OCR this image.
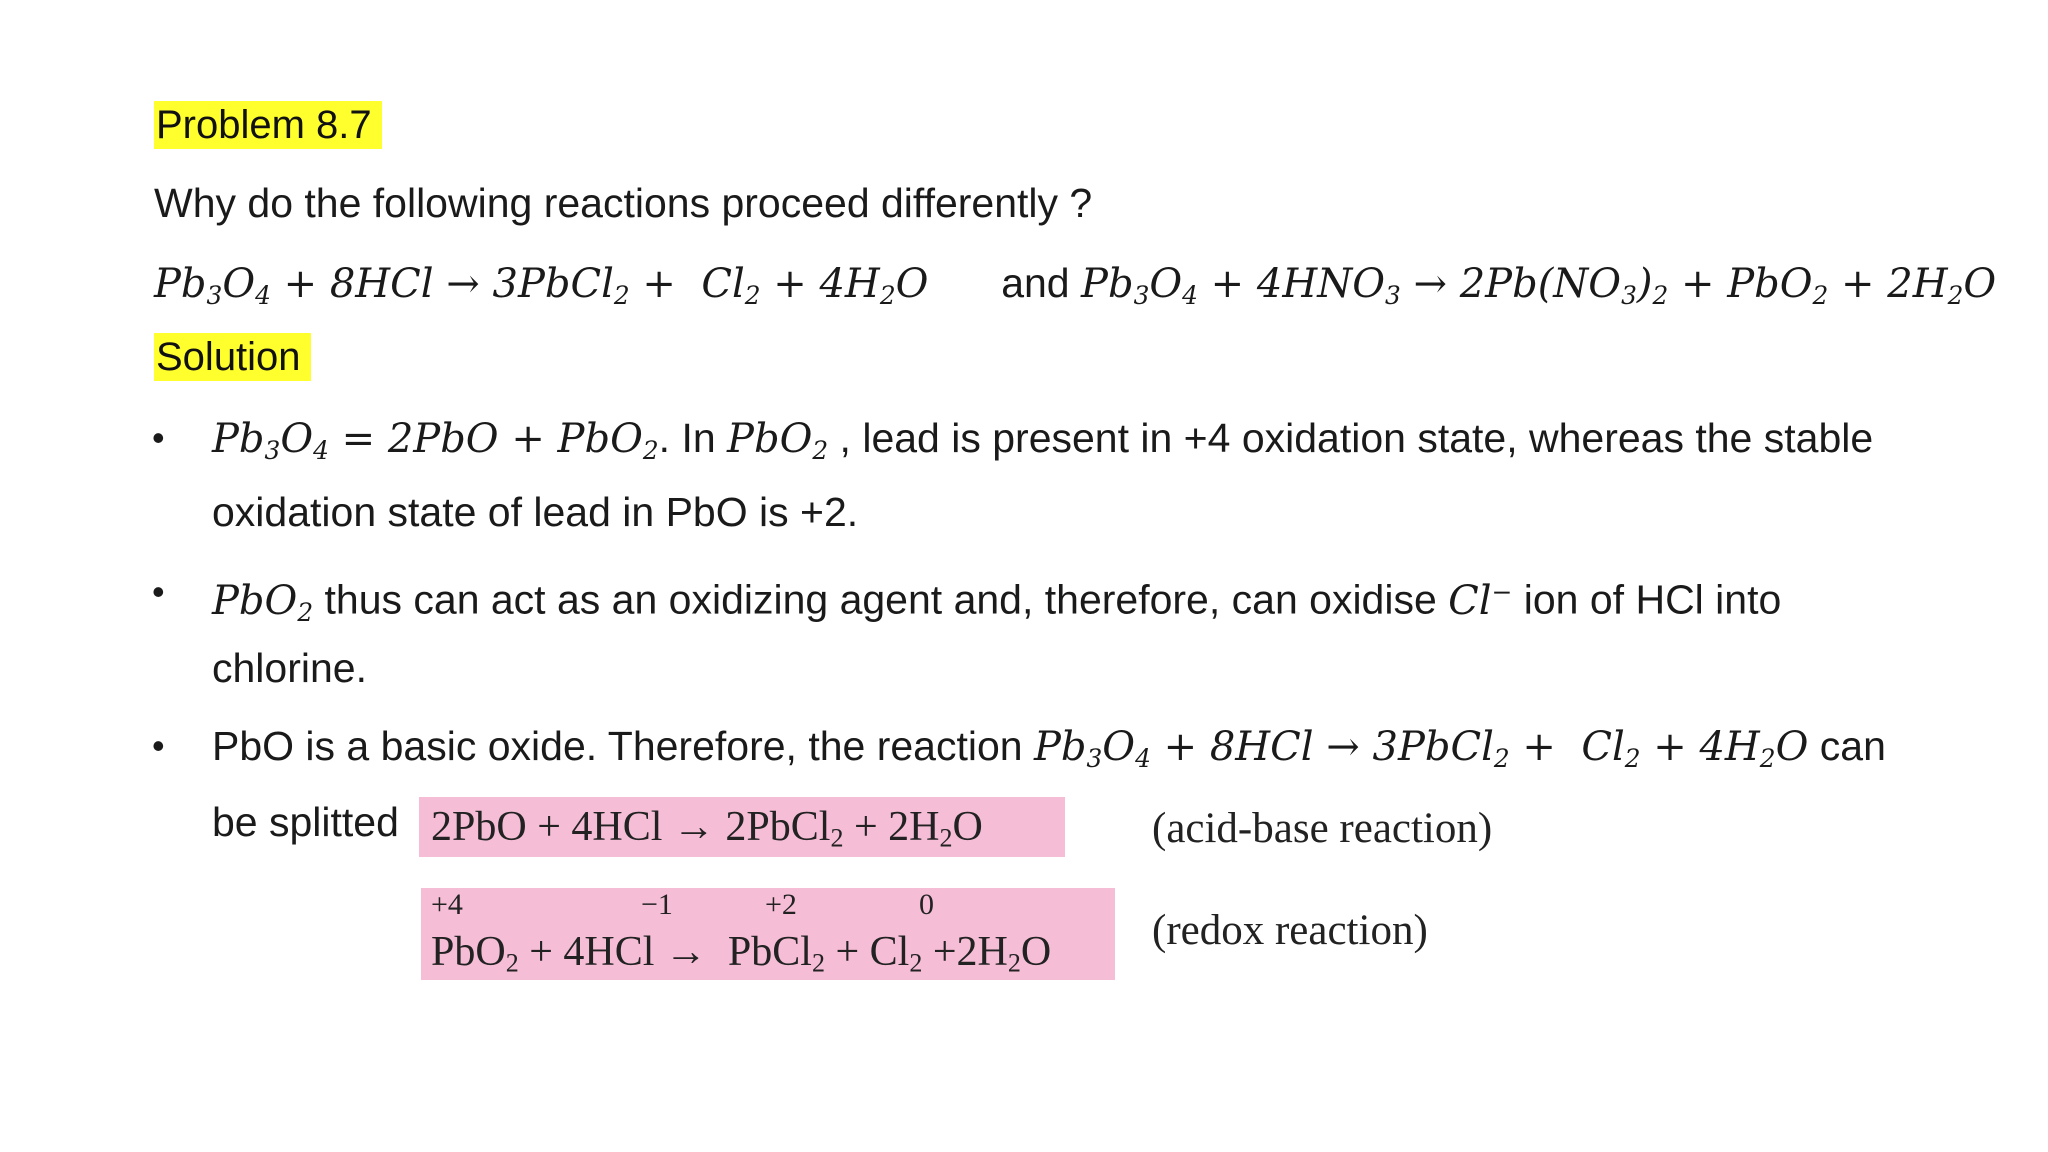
Problem 8.7
Why do the following reactions proceed differently ?
$Pb_3O_4 + 8HCl$ → 3PbCl$_2$ +  $Cl_2 + 4H_2O$ and $Pb_3O_4 + 4HNO_3 \to 2Pb(NO_3)_2 + PbO_2 + 2H_2O$
Solution
• $Pb_3O_4 = 2PbO + PbO_2$. In PbO$_2$ , lead is present in +4 oxidation state, whereas the stable
oxidation state of lead in PbO is +2.
• PbO$_2$ thus can act as an oxidizing agent and, therefore, can oxidise Cl− ion of HCl into
chlorine.
• PbO is a basic oxide. Therefore, the reaction $Pb_3O_4 + 8HCl$ → 3PbCl$_2$ +  $Cl_2 + 4H_2O$ can
be splitted 2PbO + 4HCl → 2PbCl$_2$ + $2H_2O$	(acid-base reaction)
+4	−1	+2	0
PbO$_2$ + 4HCl →  PbCl$_2$ + $Cl_2 +2H_2O$ (redox reaction)
